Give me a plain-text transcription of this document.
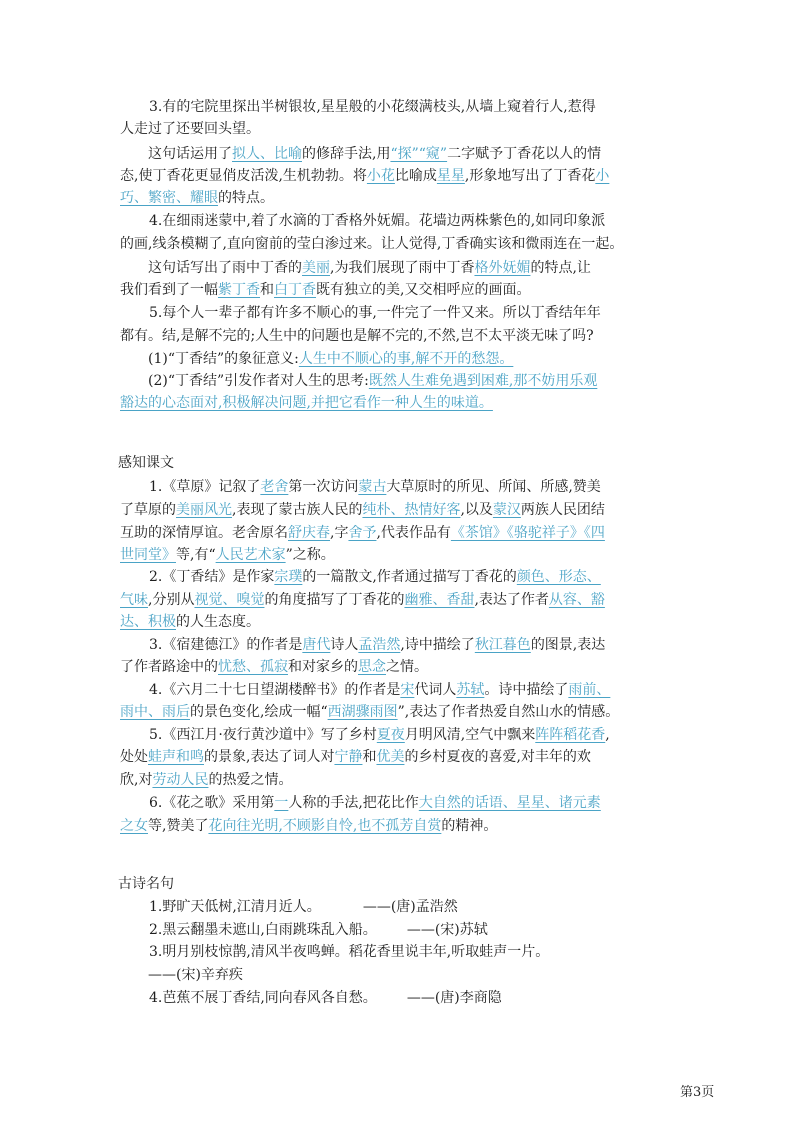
3.有的宅院里探出半树银妆,星星般的小花缀满枝头,从墙上窥着行人,惹得
人走过了还要回头望。
这句话运用了拟人、比喻的修辞手法,用“探”“窥”二字赋予丁香花以人的情
态,使丁香花更显俏皮活泼,生机勃勃。将小花比喻成星星,形象地写出了丁香花小
巧、繁密、耀眼的特点。
4.在细雨迷蒙中,着了水滴的丁香格外妩媚。花墙边两株紫色的,如同印象派
的画,线条模糊了,直向窗前的莹白渗过来。让人觉得,丁香确实该和微雨连在一起。
这句话写出了雨中丁香的美丽,为我们展现了雨中丁香格外妩媚的特点,让
我们看到了一幅紫丁香和白丁香既有独立的美,又交相呼应的画面。
5.每个人一辈子都有许多不顺心的事,一件完了一件又来。所以丁香结年年
都有。结,是解不完的;人生中的问题也是解不完的,不然,岂不太平淡无味了吗?
(1)“丁香结”的象征意义:人生中不顺心的事,解不开的愁怨。
(2)“丁香结”引发作者对人生的思考:既然人生难免遇到困难,那不妨用乐观
豁达的心态面对,积极解决问题,并把它看作一种人生的味道。
感知课文
1.《草原》记叙了老舍第一次访问蒙古大草原时的所见、所闻、所感,赞美
了草原的美丽风光,表现了蒙古族人民的纯朴、热情好客,以及蒙汉两族人民团结
互助的深情厚谊。老舍原名舒庆春,字舍予,代表作品有《茶馆》《骆驼祥子》《四
世同堂》等,有“人民艺术家”之称。
2.《丁香结》是作家宗璞的一篇散文,作者通过描写丁香花的颜色、形态、
气味,分别从视觉、嗅觉的角度描写了丁香花的幽雅、香甜,表达了作者从容、豁
达、积极的人生态度。
3.《宿建德江》的作者是唐代诗人孟浩然,诗中描绘了秋江暮色的图景,表达
了作者路途中的忧愁、孤寂和对家乡的思念之情。
4.《六月二十七日望湖楼醉书》的作者是宋代词人苏轼。诗中描绘了雨前、
雨中、雨后的景色变化,绘成一幅“西湖骤雨图”,表达了作者热爱自然山水的情感。
5.《西江月·夜行黄沙道中》写了乡村夏夜月明风清,空气中飘来阵阵稻花香,
处处蛙声和鸣的景象,表达了词人对宁静和优美的乡村夏夜的喜爱,对丰年的欢
欣,对劳动人民的热爱之情。
6.《花之歌》采用第一人称的手法,把花比作大自然的话语、星星、诸元素
之女等,赞美了花向往光明,不顾影自怜,也不孤芳自赏的精神。
古诗名句
1.野旷天低树,江清月近人。	——(唐)孟浩然
2.黑云翻墨未遮山,白雨跳珠乱入船。 ——(宋)苏轼
3.明月别枝惊鹊,清风半夜鸣蝉。稻花香里说丰年,听取蛙声一片。
——(宋)辛弃疾
4.芭蕉不展丁香结,同向春风各自愁。 ——(唐)李商隐
第3页
